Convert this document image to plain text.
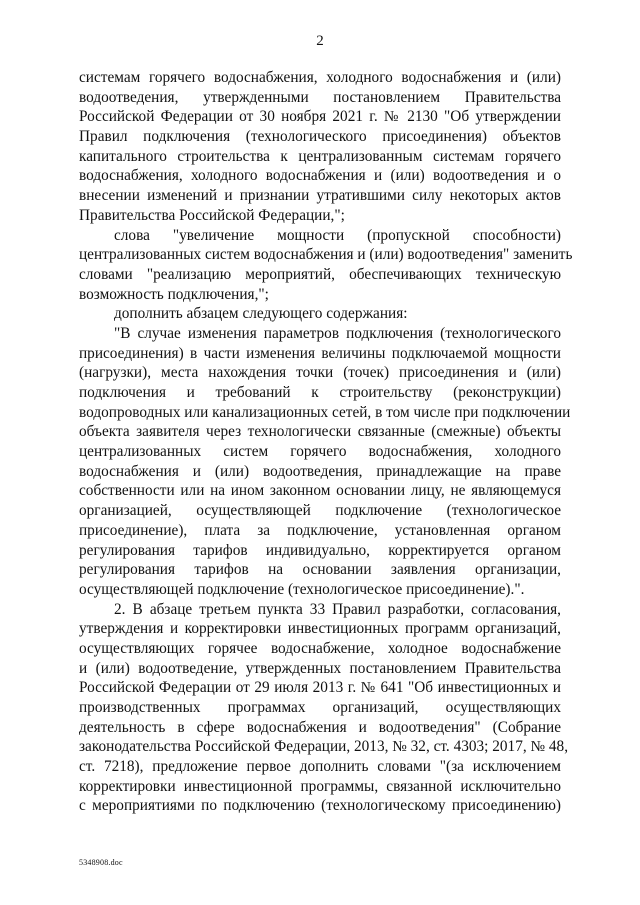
2
системам горячего водоснабжения, холодного водоснабжения и (или)
водоотведения, утвержденными постановлением Правительства
Российской Федерации от 30 ноября 2021 г. № 2130 "Об утверждении
Правил подключения (технологического присоединения) объектов
капитального строительства к централизованным системам горячего
водоснабжения, холодного водоснабжения и (или) водоотведения и о
внесении изменений и признании утратившими силу некоторых актов
Правительства Российской Федерации,";
слова "увеличение мощности (пропускной способности)
централизованных систем водоснабжения и (или) водоотведения" заменить
словами "реализацию мероприятий, обеспечивающих техническую
возможность подключения,";
дополнить абзацем следующего содержания:
"В случае изменения параметров подключения (технологического
присоединения) в части изменения величины подключаемой мощности
(нагрузки), места нахождения точки (точек) присоединения и (или)
подключения и требований к строительству (реконструкции)
водопроводных или канализационных сетей, в том числе при подключении
объекта заявителя через технологически связанные (смежные) объекты
централизованных систем горячего водоснабжения, холодного
водоснабжения и (или) водоотведения, принадлежащие на праве
собственности или на ином законном основании лицу, не являющемуся
организацией, осуществляющей подключение (технологическое
присоединение), плата за подключение, установленная органом
регулирования тарифов индивидуально, корректируется органом
регулирования тарифов на основании заявления организации,
осуществляющей подключение (технологическое присоединение).".
2. В абзаце третьем пункта 33 Правил разработки, согласования,
утверждения и корректировки инвестиционных программ организаций,
осуществляющих горячее водоснабжение, холодное водоснабжение
и (или) водоотведение, утвержденных постановлением Правительства
Российской Федерации от 29 июля 2013 г. № 641 "Об инвестиционных и
производственных программах организаций, осуществляющих
деятельность в сфере водоснабжения и водоотведения" (Собрание
законодательства Российской Федерации, 2013, № 32, ст. 4303; 2017, № 48,
ст. 7218), предложение первое дополнить словами "(за исключением
корректировки инвестиционной программы, связанной исключительно
с мероприятиями по подключению (технологическому присоединению)
5348908.doc
